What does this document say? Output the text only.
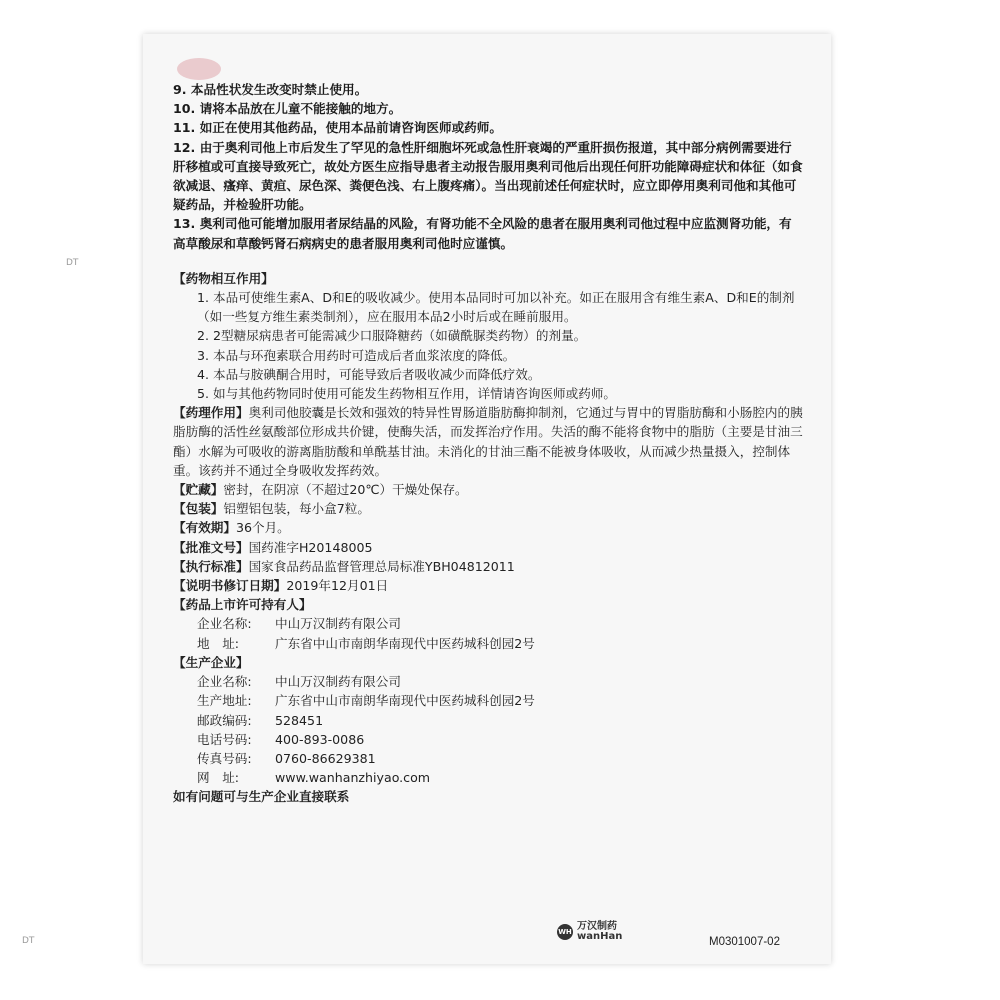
DT
DT

9. 本品性状发生改变时禁止使用。

10. 请将本品放在儿童不能接触的地方。

11. 如正在使用其他药品，使用本品前请咨询医师或药师。

12. 由于奥利司他上市后发生了罕见的急性肝细胞坏死或急性肝衰竭的严重肝损伤报道，其中部分病例需要进行肝移植或可直接导致死亡，故处方医生应指导患者主动报告服用奥利司他后出现任何肝功能障碍症状和体征（如食欲减退、瘙痒、黄疸、尿色深、粪便色浅、右上腹疼痛）。当出现前述任何症状时，应立即停用奥利司他和其他可疑药品，并检验肝功能。

13. 奥利司他可能增加服用者尿结晶的风险，有肾功能不全风险的患者在服用奥利司他过程中应监测肾功能，有高草酸尿和草酸钙肾石病病史的患者服用奥利司他时应谨慎。

【药物相互作用】

1. 本品可使维生素A、D和E的吸收减少。使用本品同时可加以补充。如正在服用含有维生素A、D和E的制剂（如一些复方维生素类制剂），应在服用本品2小时后或在睡前服用。

2. 2型糖尿病患者可能需减少口服降糖药（如磺酰脲类药物）的剂量。

3. 本品与环孢素联合用药时可造成后者血浆浓度的降低。

4. 本品与胺碘酮合用时，可能导致后者吸收减少而降低疗效。

5. 如与其他药物同时使用可能发生药物相互作用，详情请咨询医师或药师。

【药理作用】奥利司他胶囊是长效和强效的特异性胃肠道脂肪酶抑制剂，它通过与胃中的胃脂肪酶和小肠腔内的胰脂肪酶的活性丝氨酸部位形成共价键，使酶失活，而发挥治疗作用。失活的酶不能将食物中的脂肪（主要是甘油三酯）水解为可吸收的游离脂肪酸和单酰基甘油。未消化的甘油三酯不能被身体吸收，从而减少热量摄入，控制体重。该药并不通过全身吸收发挥药效。

【贮藏】密封，在阴凉（不超过20℃）干燥处保存。

【包装】铝塑铝包装，每小盒7粒。

【有效期】36个月。

【批准文号】国药准字H20148005

【执行标准】国家食品药品监督管理总局标准YBH04812011

【说明书修订日期】2019年12月01日

【药品上市许可持有人】

企业名称:	中山万汉制药有限公司
地　址:	广东省中山市南朗华南现代中医药城科创园2号

【生产企业】

企业名称:	中山万汉制药有限公司
生产地址:	广东省中山市南朗华南现代中医药城科创园2号
邮政编码:	528451
电话号码:	400-893-0086
传真号码:	0760-86629381
网　址:	www.wanhanzhiyao.com

如有问题可与生产企业直接联系

WH 万汉制药
wanHan	M0301007-02
